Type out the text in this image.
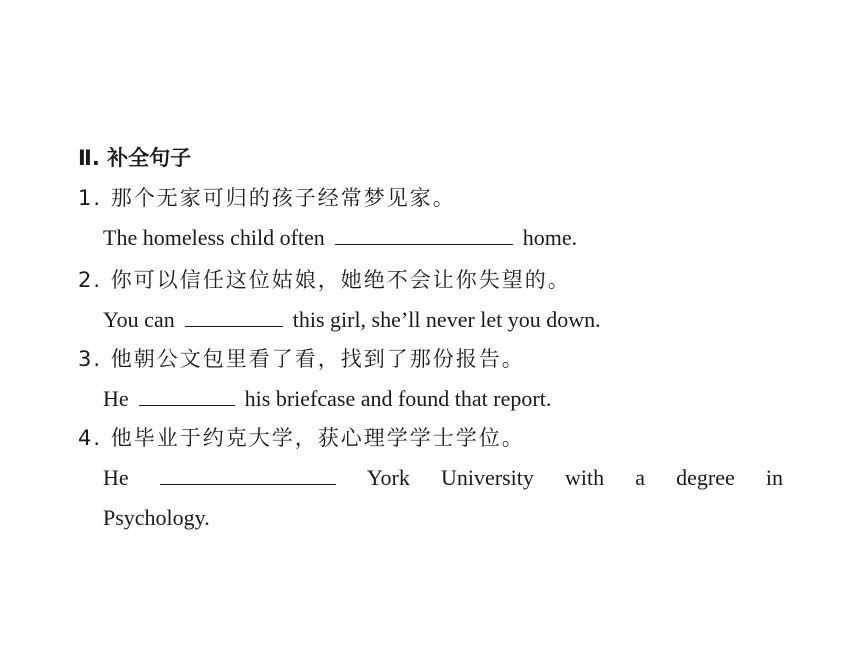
Ⅱ. 补全句子
1. 那个无家可归的孩子经常梦见家。
The homeless child often	home.
2. 你可以信任这位姑娘，她绝不会让你失望的。
You can	this girl, she’ll never let you down.
3. 他朝公文包里看了看，找到了那份报告。
He	his briefcase and found that report.
4. 他毕业于约克大学，获心理学学士学位。
He	York University with a degree in
Psychology.
